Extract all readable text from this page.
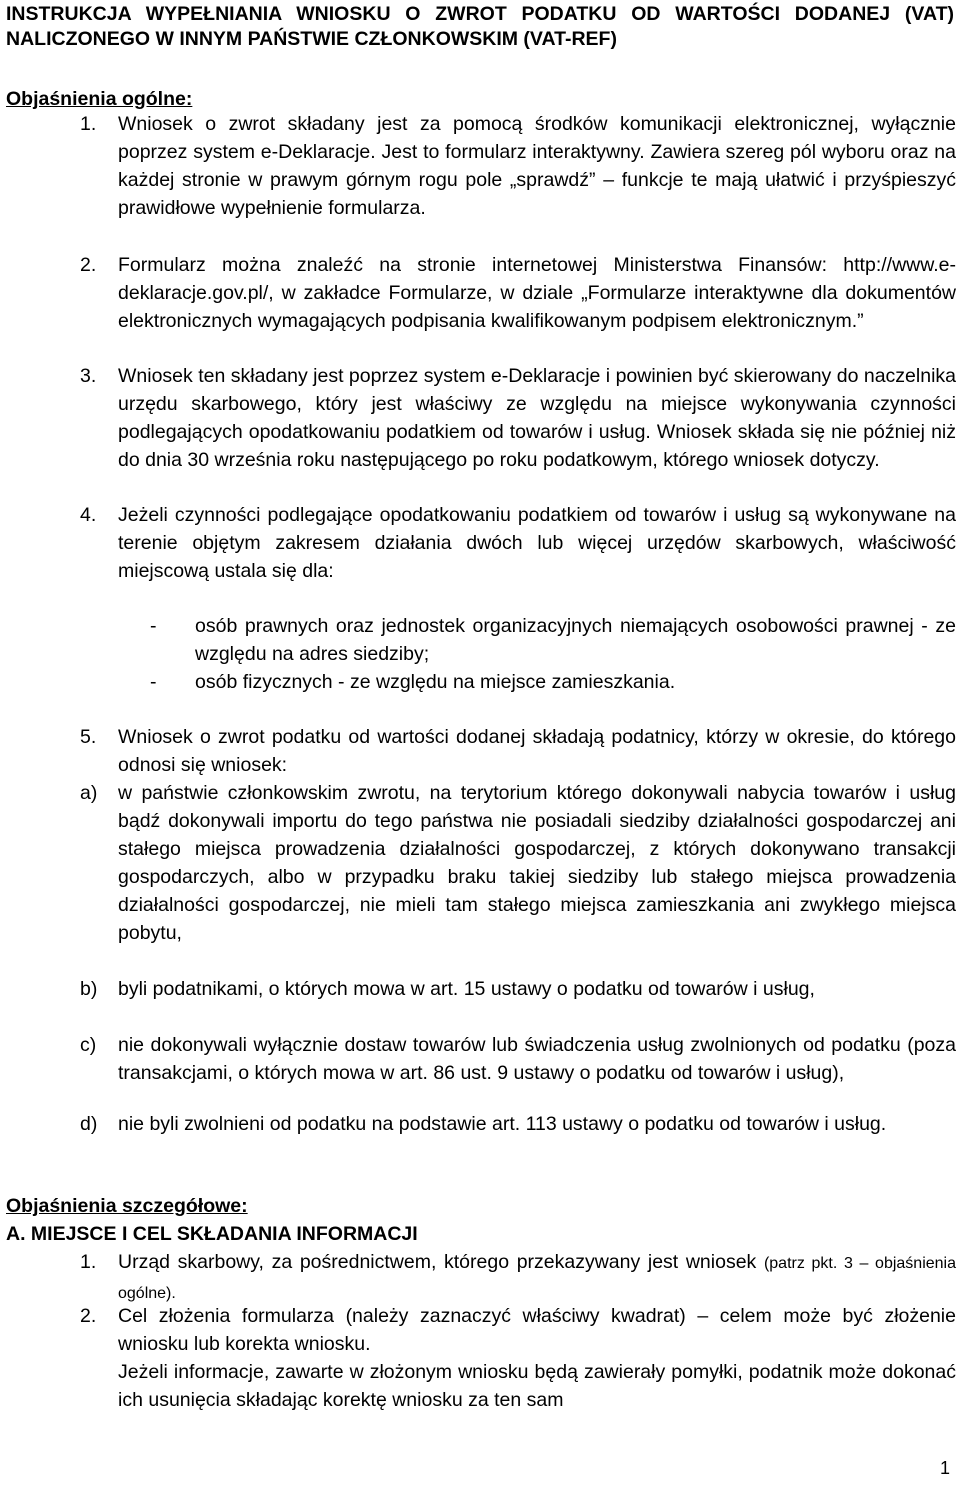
INSTRUKCJA WYPEŁNIANIA WNIOSKU O ZWROT PODATKU OD WARTOŚCI DODANEJ (VAT) NALICZONEGO W INNYM PAŃSTWIE CZŁONKOWSKIM (VAT-REF)
Objaśnienia ogólne:
1. Wniosek o zwrot składany jest za pomocą środków komunikacji elektronicznej, wyłącznie poprzez system e-Deklaracje. Jest to formularz interaktywny. Zawiera szereg pól wyboru oraz na każdej stronie w prawym górnym rogu pole „sprawdź” – funkcje te mają ułatwić i przyśpieszyć prawidłowe wypełnienie formularza.

2. Formularz można znaleźć na stronie internetowej Ministerstwa Finansów: http://www.e-deklaracje.gov.pl/, w zakładce Formularze, w dziale „Formularze interaktywne dla dokumentów elektronicznych wymagających podpisania kwalifikowanym podpisem elektronicznym.”

3. Wniosek ten składany jest poprzez system e-Deklaracje i powinien być skierowany do naczelnika urzędu skarbowego, który jest właściwy ze względu na miejsce wykonywania czynności podlegających opodatkowaniu podatkiem od towarów i usług. Wniosek składa się nie później niż do dnia 30 września roku następującego po roku podatkowym, którego wniosek dotyczy.

4. Jeżeli czynności podlegające opodatkowaniu podatkiem od towarów i usług są wykonywane na terenie objętym zakresem działania dwóch lub więcej urzędów skarbowych, właściwość miejscową ustala się dla:

- osób prawnych oraz jednostek organizacyjnych niemających osobowości prawnej - ze względu na adres siedziby;

- osób fizycznych - ze względu na miejsce zamieszkania.

5. Wniosek o zwrot podatku od wartości dodanej składają podatnicy, którzy w okresie, do którego odnosi się wniosek:

a) w państwie członkowskim zwrotu, na terytorium którego dokonywali nabycia towarów i usług bądź dokonywali importu do tego państwa nie posiadali siedziby działalności gospodarczej ani stałego miejsca prowadzenia działalności gospodarczej, z których dokonywano transakcji gospodarczych, albo w przypadku braku takiej siedziby lub stałego miejsca prowadzenia działalności gospodarczej, nie mieli tam stałego miejsca zamieszkania ani zwykłego miejsca pobytu,

b) byli podatnikami, o których mowa w art. 15 ustawy o podatku od towarów i usług,

c) nie dokonywali wyłącznie dostaw towarów lub świadczenia usług zwolnionych od podatku (poza transakcjami, o których mowa w art. 86 ust. 9 ustawy o podatku od towarów i usług),

d) nie byli zwolnieni od podatku na podstawie art. 113 ustawy o podatku od towarów i usług.

Objaśnienia szczegółowe:
A. MIEJSCE I CEL SKŁADANIA INFORMACJI
1. Urząd skarbowy, za pośrednictwem, którego przekazywany jest wniosek (patrz pkt. 3 – objaśnienia ogólne).

2. Cel złożenia formularza (należy zaznaczyć właściwy kwadrat) – celem może być złożenie wniosku lub korekta wniosku.

Jeżeli informacje, zawarte w złożonym wniosku będą zawierały pomyłki, podatnik może dokonać ich usunięcia składając korektę wniosku za ten sam

1
